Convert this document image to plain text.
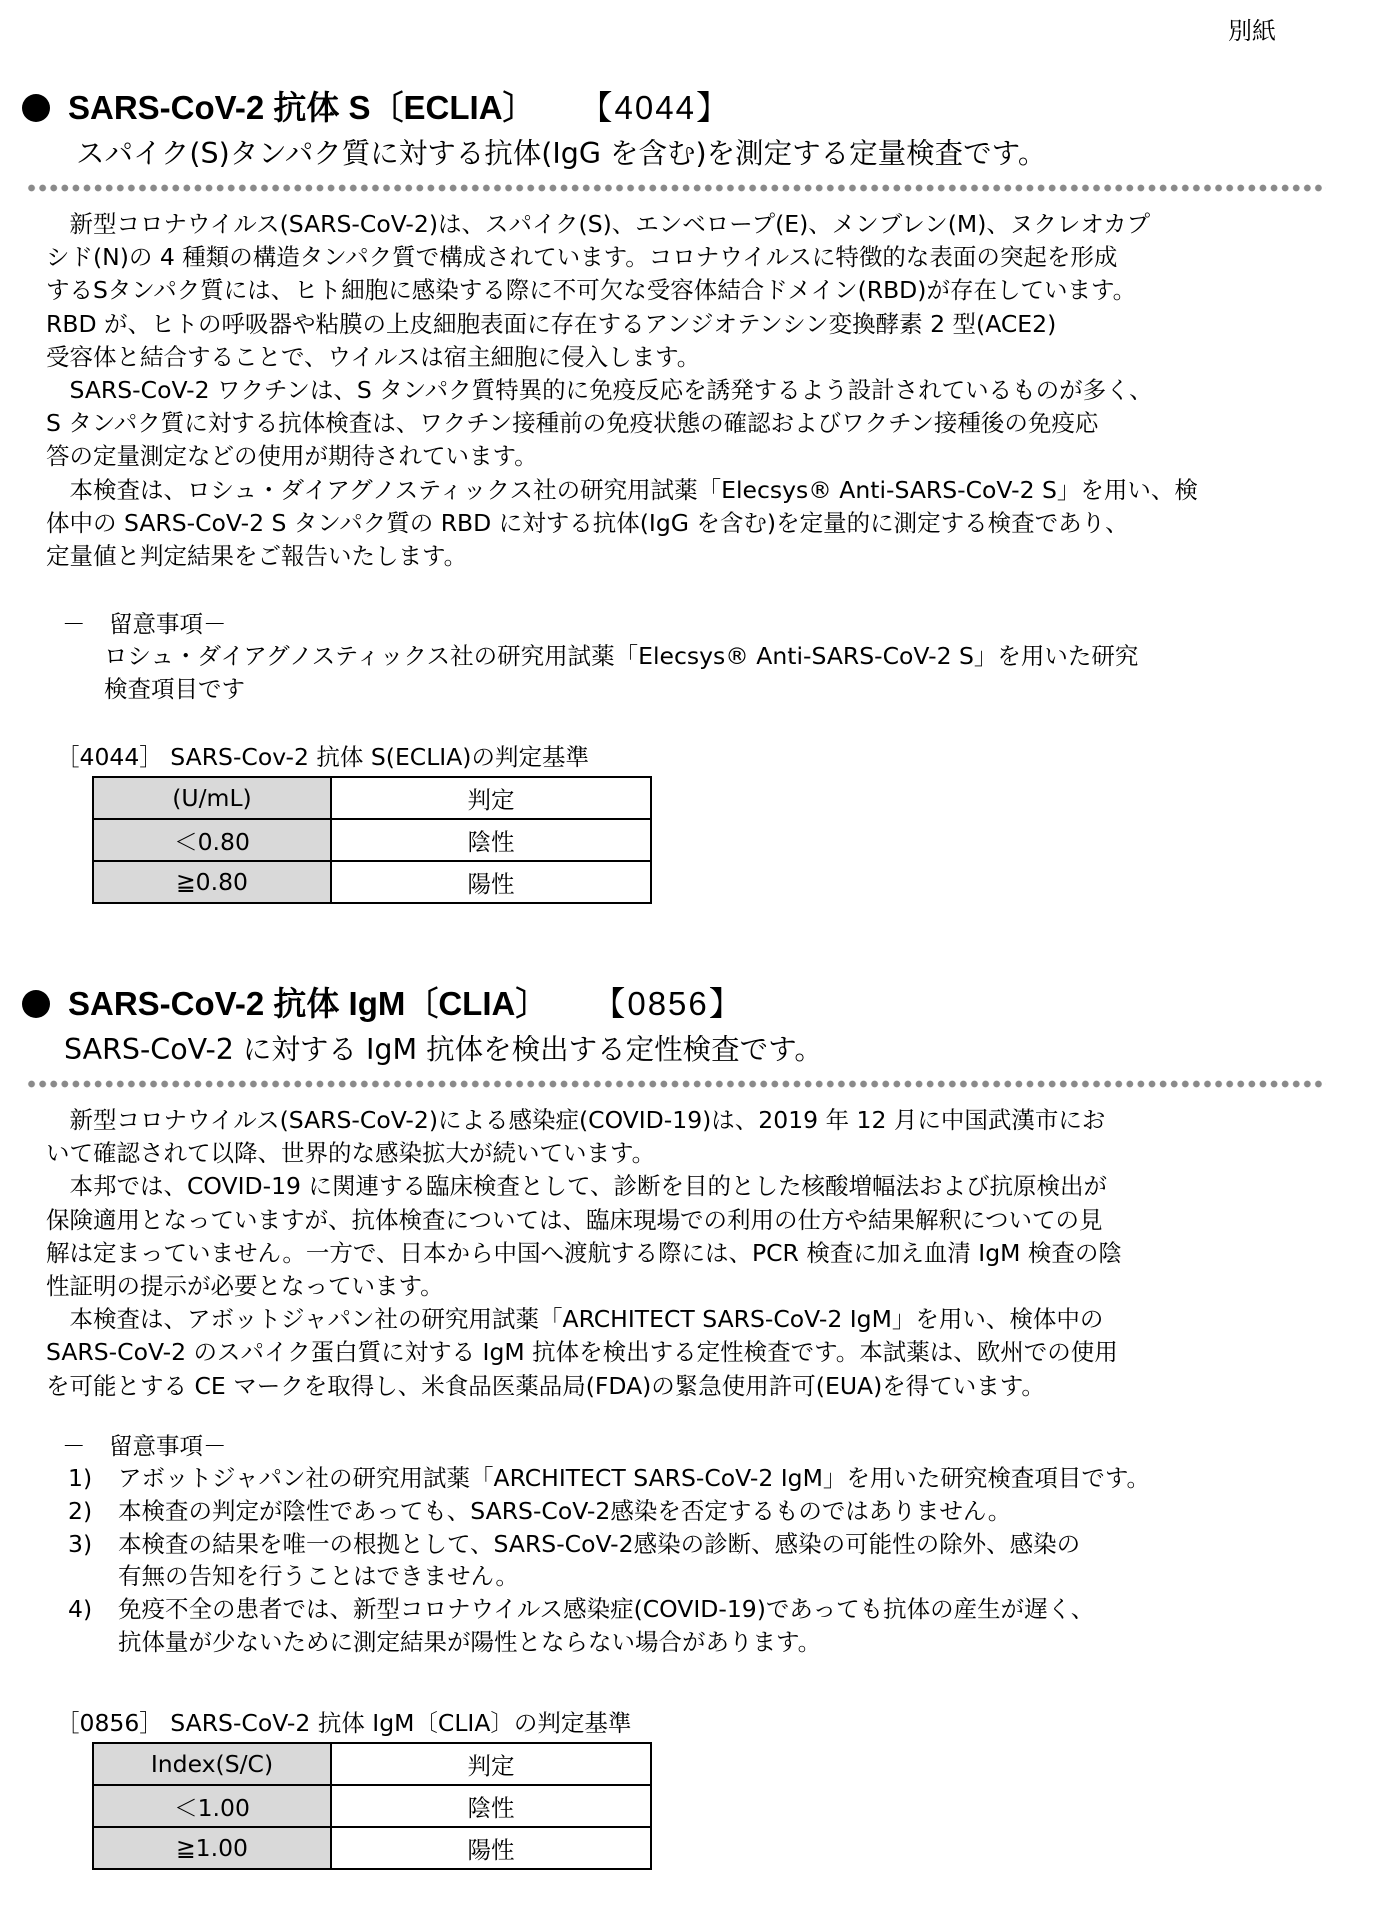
別紙
SARS-CoV-2 抗体 S〔ECLIA〕 【4044】
スパイク(S)タンパク質に対する抗体(IgG を含む)を測定する定量検査です。
　新型コロナウイルス(SARS-CoV-2)は、スパイク(S)、エンベロープ(E)、メンブレン(M)、ヌクレオカプ
シド(N)の 4 種類の構造タンパク質で構成されています。コロナウイルスに特徴的な表面の突起を形成
するSタンパク質には、ヒト細胞に感染する際に不可欠な受容体結合ドメイン(RBD)が存在しています。
RBD が、ヒトの呼吸器や粘膜の上皮細胞表面に存在するアンジオテンシン変換酵素 2 型(ACE2)
受容体と結合することで、ウイルスは宿主細胞に侵入します。
　SARS-CoV-2 ワクチンは、S タンパク質特異的に免疫反応を誘発するよう設計されているものが多く、
S タンパク質に対する抗体検査は、ワクチン接種前の免疫状態の確認およびワクチン接種後の免疫応
答の定量測定などの使用が期待されています。
　本検査は、ロシュ・ダイアグノスティックス社の研究用試薬「Elecsys® Anti-SARS-CoV-2 S」を用い、検
体中の SARS-CoV-2 S タンパク質の RBD に対する抗体(IgG を含む)を定量的に測定する検査であり、
定量値と判定結果をご報告いたします。
－　留意事項－
ロシュ・ダイアグノスティックス社の研究用試薬「Elecsys® Anti-SARS-CoV-2 S」を用いた研究
検査項目です
［4044］ SARS-Cov-2 抗体 S(ECLIA)の判定基準
(U/mL)	判定
＜0.80	陰性
≧0.80	陽性
SARS-CoV-2 抗体 IgM〔CLIA〕 【0856】
SARS-CoV-2 に対する IgM 抗体を検出する定性検査です。
　新型コロナウイルス(SARS-CoV-2)による感染症(COVID-19)は、2019 年 12 月に中国武漢市にお
いて確認されて以降、世界的な感染拡大が続いています。
　本邦では、COVID-19 に関連する臨床検査として、診断を目的とした核酸増幅法および抗原検出が
保険適用となっていますが、抗体検査については、臨床現場での利用の仕方や結果解釈についての見
解は定まっていません。一方で、日本から中国へ渡航する際には、PCR 検査に加え血清 IgM 検査の陰
性証明の提示が必要となっています。
　本検査は、アボットジャパン社の研究用試薬「ARCHITECT SARS-CoV-2 IgM」を用い、検体中の
SARS-CoV-2 のスパイク蛋白質に対する IgM 抗体を検出する定性検査です。本試薬は、欧州での使用
を可能とする CE マークを取得し、米食品医薬品局(FDA)の緊急使用許可(EUA)を得ています。
－　留意事項－
1)	アボットジャパン社の研究用試薬「ARCHITECT SARS-CoV-2 IgM」を用いた研究検査項目です。
2)	本検査の判定が陰性であっても、SARS-CoV-2感染を否定するものではありません。
3)	本検査の結果を唯一の根拠として、SARS-CoV-2感染の診断、感染の可能性の除外、感染の
有無の告知を行うことはできません。
4)	免疫不全の患者では、新型コロナウイルス感染症(COVID-19)であっても抗体の産生が遅く、
抗体量が少ないために測定結果が陽性とならない場合があります。
［0856］ SARS-CoV-2 抗体 IgM〔CLIA〕の判定基準
Index(S/C)	判定
＜1.00	陰性
≧1.00	陽性
